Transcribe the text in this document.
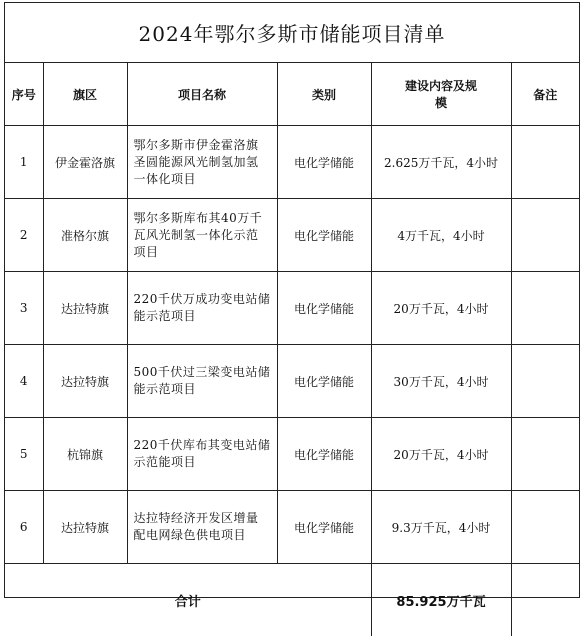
2024年鄂尔多斯市储能项目清单
序号	旗区	项目名称	类别	建设内容及规模	备注
1	伊金霍洛旗	鄂尔多斯市伊金霍洛旗圣圆能源风光制氢加氢一体化项目	电化学储能	2.625万千瓦，4小时	
2	准格尔旗	鄂尔多斯库布其40万千瓦风光制氢一体化示范项目	电化学储能	4万千瓦，4小时	
3	达拉特旗	220千伏万成功变电站储能示范项目	电化学储能	20万千瓦，4小时	
4	达拉特旗	500千伏过三梁变电站储能示范项目	电化学储能	30万千瓦，4小时	
5	杭锦旗	220千伏库布其变电站储示范能项目	电化学储能	20万千瓦，4小时	
6	达拉特旗	达拉特经济开发区增量配电网绿色供电项目	电化学储能	9.3万千瓦，4小时	
合计				85.925万千瓦	
